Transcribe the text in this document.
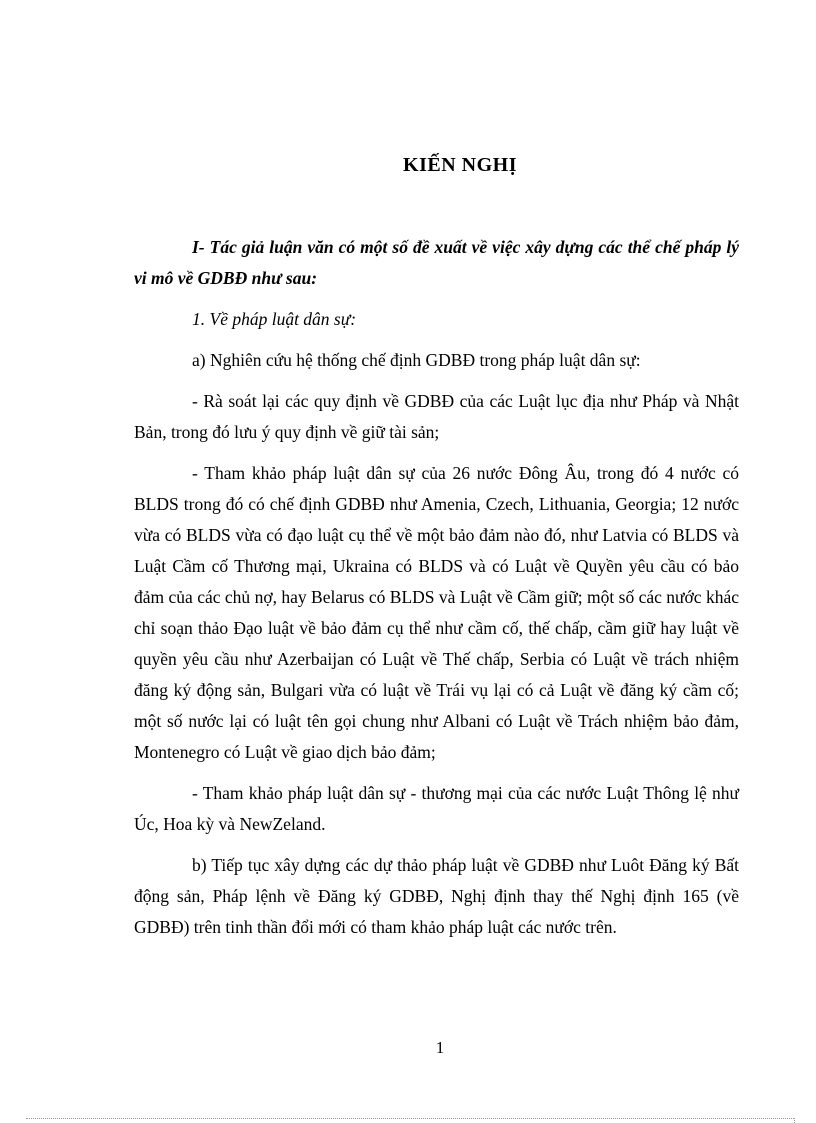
KIẾN NGHỊ

I- Tác giả luận văn có một số đề xuất về việc xây dựng các thể chế pháp lý vi mô về GDBĐ như sau:

1. Về pháp luật dân sự:

a) Nghiên cứu hệ thống chế định GDBĐ trong pháp luật dân sự:

- Rà soát lại các quy định về GDBĐ của các Luật lục địa như Pháp và Nhật Bản, trong đó lưu ý quy định về giữ tài sản;

- Tham khảo pháp luật dân sự của 26 nước Đông Âu, trong đó 4 nước có BLDS trong đó có chế định GDBĐ như Amenia, Czech, Lithuania, Georgia; 12 nước vừa có BLDS vừa có đạo luật cụ thể về một bảo đảm nào đó, như Latvia có BLDS và Luật Cầm cố Thương mại, Ukraina có BLDS và có Luật về Quyền yêu cầu có bảo đảm của các chủ nợ, hay Belarus có BLDS và Luật về Cầm giữ; một số các nước khác chỉ soạn thảo Đạo luật về bảo đảm cụ thể như cầm cố, thế chấp, cầm giữ hay luật về quyền yêu cầu như Azerbaijan có Luật về Thế chấp, Serbia có Luật về trách nhiệm đăng ký động sản, Bulgari vừa có luật về Trái vụ lại có cả Luật về đăng ký cầm cố; một số nước lại có luật tên gọi chung như Albani có Luật về Trách nhiệm bảo đảm, Montenegro có Luật về giao dịch bảo đảm;

- Tham khảo pháp luật dân sự - thương mại của các nước Luật Thông lệ như Úc, Hoa kỳ và NewZeland.

b) Tiếp tục xây dựng các dự thảo pháp luật về GDBĐ như Luôt Đăng ký Bất động sản, Pháp lệnh về Đăng ký GDBĐ, Nghị định thay thế Nghị định 165 (về GDBĐ) trên tinh thần đổi mới có tham khảo pháp luật các nước trên.

1
